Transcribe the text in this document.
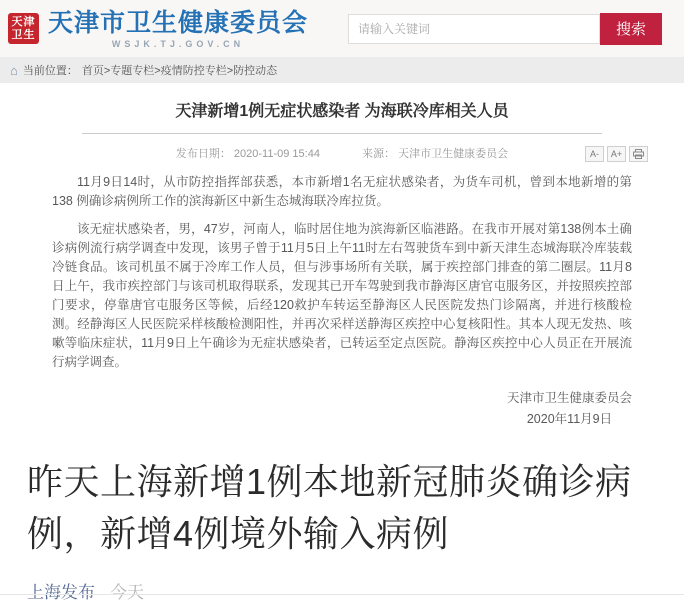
天津
卫生 天津市卫生健康委员会
WSJK.TJ.GOV.CN
请输入关键词
搜索
⌂ 当前位置： 首页>专题专栏>疫情防控专栏>防控动态
天津新增1例无症状感染者 为海联冷库相关人员
发布日期： 2020-11-09 15:44	来源： 天津市卫生健康委员会	A-	A+

11月9日14时，从市防控指挥部获悉，本市新增1名无症状感染者，为货车司机，曾到本地新增的第138 例确诊病例所工作的滨海新区中新生态城海联冷库拉货。

该无症状感染者，男，47岁，河南人，临时居住地为滨海新区临港路。在我市开展对第138例本土确诊病例流行病学调查中发现，该男子曾于11月5日上午11时左右驾驶货车到中新天津生态城海联冷库装载冷链食品。该司机虽不属于冷库工作人员，但与涉事场所有关联，属于疾控部门排查的第二圈层。11月8日上午，我市疾控部门与该司机取得联系，发现其已开车驾驶到我市静海区唐官屯服务区，并按照疾控部门要求，停靠唐官屯服务区等候，后经120救护车转运至静海区人民医院发热门诊隔离，并进行核酸检测。经静海区人民医院采样核酸检测阳性，并再次采样送静海区疾控中心复核阳性。其本人现无发热、咳嗽等临床症状，11月9日上午确诊为无症状感染者，已转运至定点医院。静海区疾控中心人员正在开展流行病学调查。

天津市卫生健康委员会
2020年11月9日
昨天上海新增1例本地新冠肺炎确诊病例，新增4例境外输入病例
上海发布 今天
